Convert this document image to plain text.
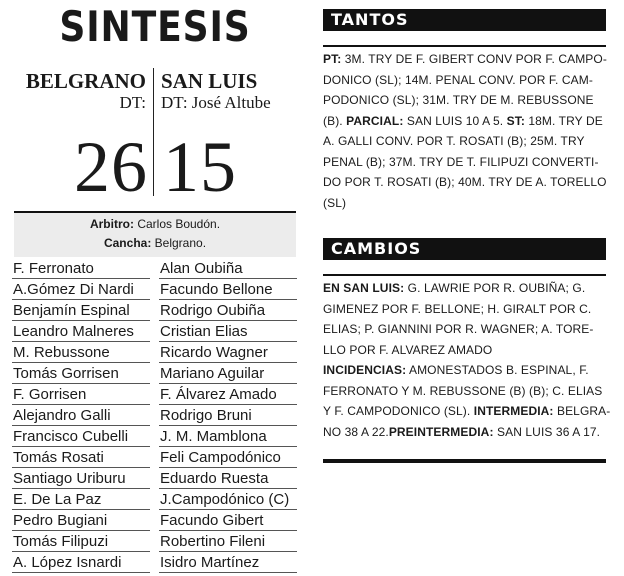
SINTESIS
BELGRANO SAN LUIS
DT: DT: José Altube
26 15
Arbitro: Carlos Boudón.
Cancha: Belgrano.
F. Ferronato
A.Gómez Di Nardi
Benjamín Espinal
Leandro Malneres
M. Rebussone
Tomás Gorrisen
F. Gorrisen
Alejandro Galli
Francisco Cubelli
Tomás Rosati
Santiago Uriburu
E. De La Paz
Pedro Bugiani
Tomás Filipuzi
A. López Isnardi
Alan Oubiña
Facundo Bellone
Rodrigo Oubiña
Cristian Elias
Ricardo Wagner
Mariano Aguilar
F. Álvarez Amado
Rodrigo Bruni
J. M. Mamblona
Feli Campodónico
Eduardo Ruesta
J.Campodónico (C)
Facundo Gibert
Robertino Fileni
Isidro Martínez
TANTOS
PT: 3M. TRY DE F. GIBERT CONV POR F. CAMPO-
DONICO (SL); 14M. PENAL CONV. POR F. CAM-
PODONICO (SL); 31M. TRY DE M. REBUSSONE
(B). PARCIAL: SAN LUIS 10 A 5. ST: 18M. TRY DE
A. GALLI CONV. POR T. ROSATI (B); 25M. TRY
PENAL (B); 37M. TRY DE T. FILIPUZI CONVERTI-
DO POR T. ROSATI (B); 40M. TRY DE A. TORELLO
(SL)
CAMBIOS
EN SAN LUIS: G. LAWRIE POR R. OUBIÑA; G.
GIMENEZ POR F. BELLONE; H. GIRALT POR C.
ELIAS; P. GIANNINI POR R. WAGNER; A. TORE-
LLO POR F. ALVAREZ AMADO
INCIDENCIAS: AMONESTADOS B. ESPINAL, F.
FERRONATO Y M. REBUSSONE (B) (B); C. ELIAS
Y F. CAMPODONICO (SL). INTERMEDIA: BELGRA-
NO 38 A 22.PREINTERMEDIA: SAN LUIS 36 A 17.
